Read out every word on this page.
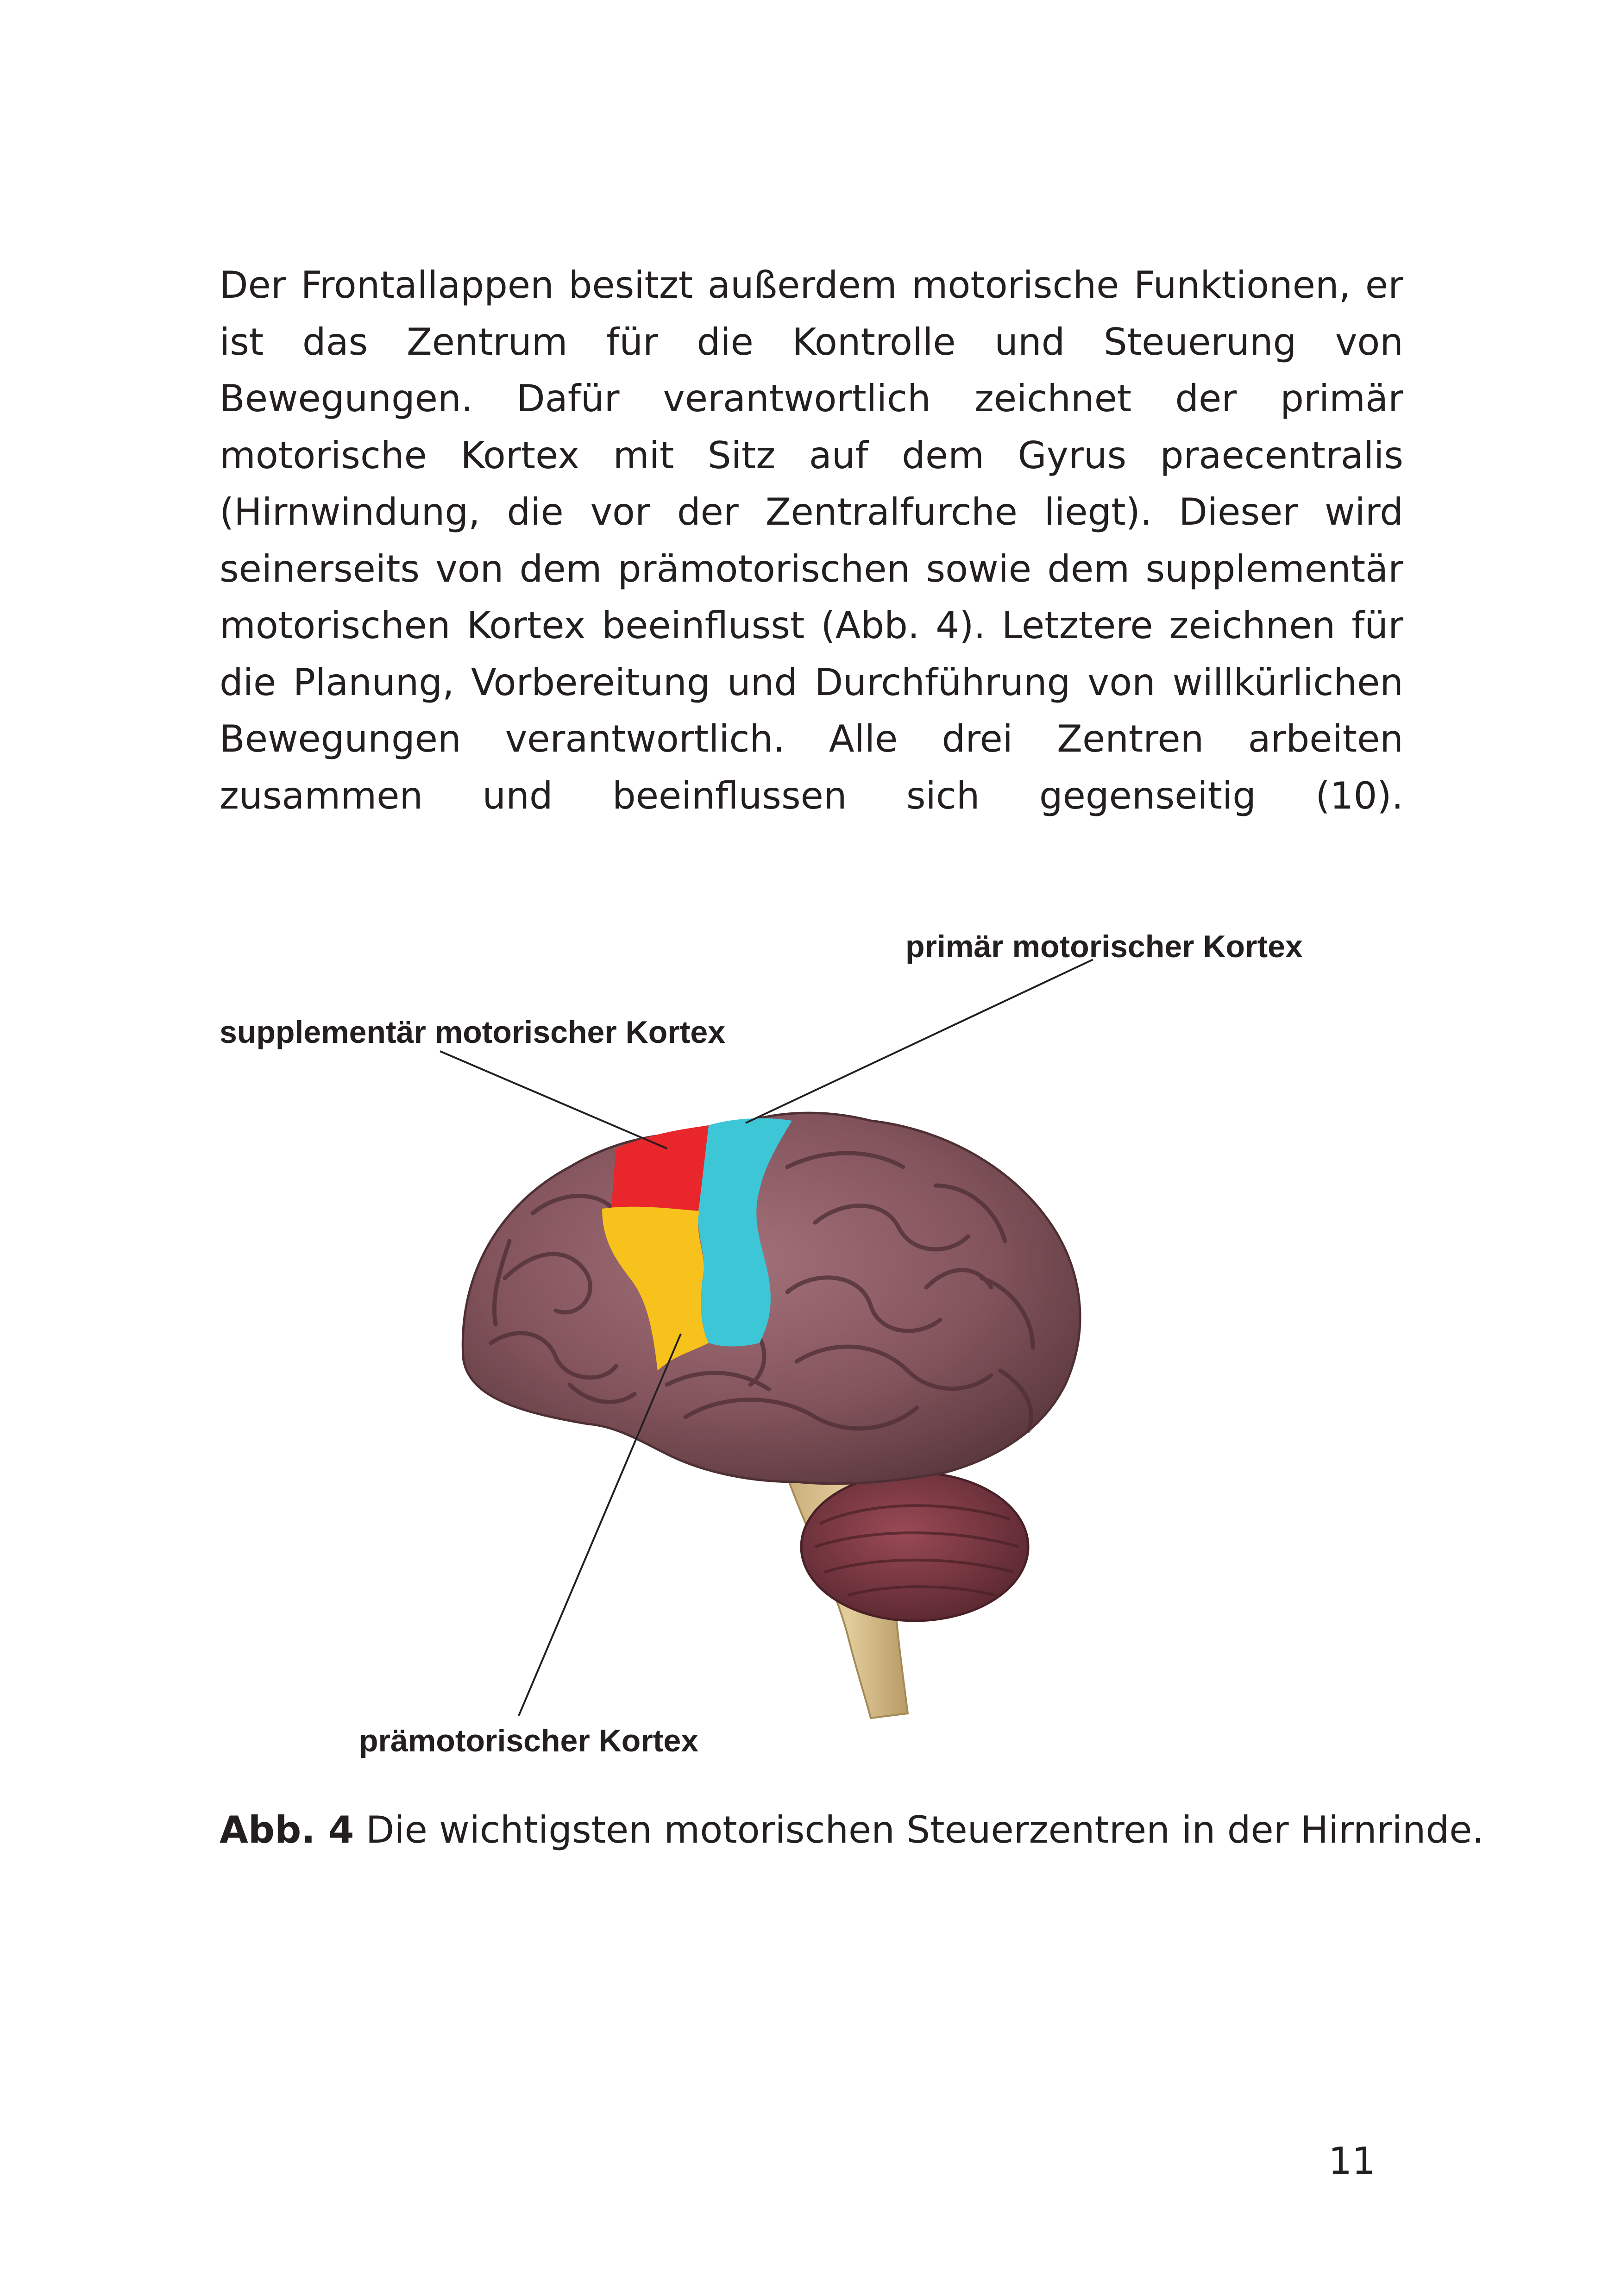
Der Frontallappen besitzt außerdem motorische Funktionen, er
ist das Zentrum für die Kontrolle und Steuerung von
Bewegungen. Dafür verantwortlich zeichnet der primär
motorische Kortex mit Sitz auf dem Gyrus praecentralis
(Hirnwindung, die vor der Zentralfurche liegt). Dieser wird
seinerseits von dem prämotorischen sowie dem supplementär
motorischen Kortex beeinflusst (Abb. 4). Letztere zeichnen für
die Planung, Vorbereitung und Durchführung von willkürlichen
Bewegungen verantwortlich. Alle drei Zentren arbeiten
zusammen und beeinflussen sich gegenseitig (10).
primär motorischer Kortex
supplementär motorischer Kortex
prämotorischer Kortex
Abb. 4 Die wichtigsten motorischen Steuerzentren in der Hirnrinde.
11
